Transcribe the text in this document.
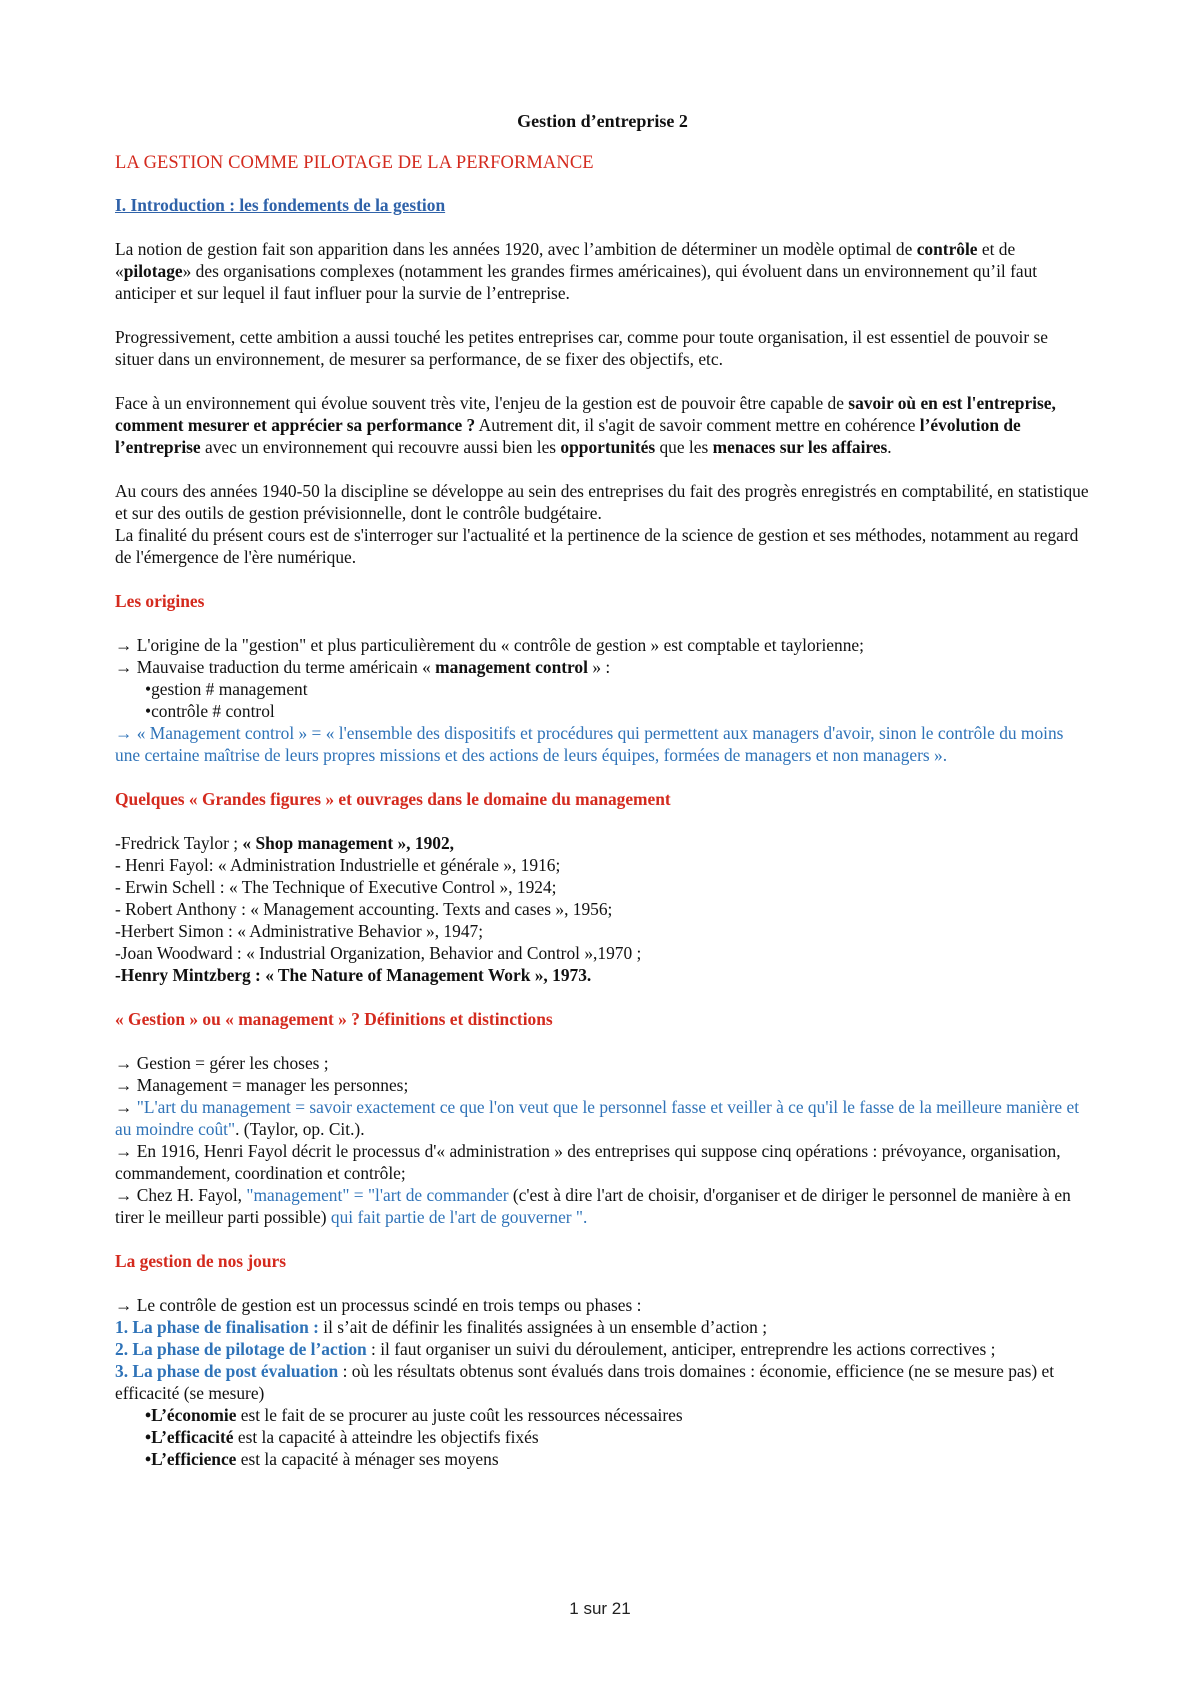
Gestion d’entreprise 2

LA GESTION COMME PILOTAGE DE LA PERFORMANCE

I. Introduction : les fondements de la gestion

La notion de gestion fait son apparition dans les années 1920, avec l’ambition de déterminer un modèle optimal de contrôle et de «pilotage» des organisations complexes (notamment les grandes firmes américaines), qui évoluent dans un environnement qu’il faut anticiper et sur lequel il faut influer pour la survie de l’entreprise.

Progressivement, cette ambition a aussi touché les petites entreprises car, comme pour toute organisation, il est essentiel de pouvoir se situer dans un environnement, de mesurer sa performance, de se fixer des objectifs, etc.

Face à un environnement qui évolue souvent très vite, l'enjeu de la gestion est de pouvoir être capable de savoir où en est l'entreprise, comment mesurer et apprécier sa performance ? Autrement dit, il s'agit de savoir comment mettre en cohérence l’évolution de l’entreprise avec un environnement qui recouvre aussi bien les opportunités que les menaces sur les affaires.

Au cours des années 1940-50 la discipline se développe au sein des entreprises du fait des progrès enregistrés en comptabilité, en statistique et sur des outils de gestion prévisionnelle, dont le contrôle budgétaire.

La finalité du présent cours est de s'interroger sur l'actualité et la pertinence de la science de gestion et ses méthodes, notamment au regard de l'émergence de l'ère numérique.

Les origines

→ L'origine de la "gestion" et plus particulièrement du « contrôle de gestion » est comptable et taylorienne;

→ Mauvaise traduction du terme américain « management control » :

•gestion # management

•contrôle # control

→ « Management control » = « l'ensemble des dispositifs et procédures qui permettent aux managers d'avoir, sinon le contrôle du moins une certaine maîtrise de leurs propres missions et des actions de leurs équipes, formées de managers et non managers ».

Quelques « Grandes figures » et ouvrages dans le domaine du management

-Fredrick Taylor ; « Shop management », 1902,

- Henri Fayol: « Administration Industrielle et générale », 1916;

- Erwin Schell : « The Technique of Executive Control », 1924;

- Robert Anthony : « Management accounting. Texts and cases », 1956;

-Herbert Simon : « Administrative Behavior », 1947;

-Joan Woodward : « Industrial Organization, Behavior and Control »,1970 ;

-Henry Mintzberg : « The Nature of Management Work », 1973.

« Gestion » ou « management » ? Définitions et distinctions

→ Gestion = gérer les choses ;

→ Management = manager les personnes;

→ "L'art du management = savoir exactement ce que l'on veut que le personnel fasse et veiller à ce qu'il le fasse de la meilleure manière et au moindre coût". (Taylor, op. Cit.).

→ En 1916, Henri Fayol décrit le processus d'« administration » des entreprises qui suppose cinq opérations : prévoyance, organisation, commandement, coordination et contrôle;

→ Chez H. Fayol, "management" = "l'art de commander (c'est à dire l'art de choisir, d'organiser et de diriger le personnel de manière à en tirer le meilleur parti possible) qui fait partie de l'art de gouverner ".

La gestion de nos jours

→ Le contrôle de gestion est un processus scindé en trois temps ou phases :

1. La phase de finalisation : il s’ait de définir les finalités assignées à un ensemble d’action ;

2. La phase de pilotage de l’action : il faut organiser un suivi du déroulement, anticiper, entreprendre les actions correctives ;

3. La phase de post évaluation : où les résultats obtenus sont évalués dans trois domaines : économie, efficience (ne se mesure pas) et efficacité (se mesure)

•L’économie est le fait de se procurer au juste coût les ressources nécessaires

•L’efficacité est la capacité à atteindre les objectifs fixés

•L’efficience est la capacité à ménager ses moyens

1 sur 21
